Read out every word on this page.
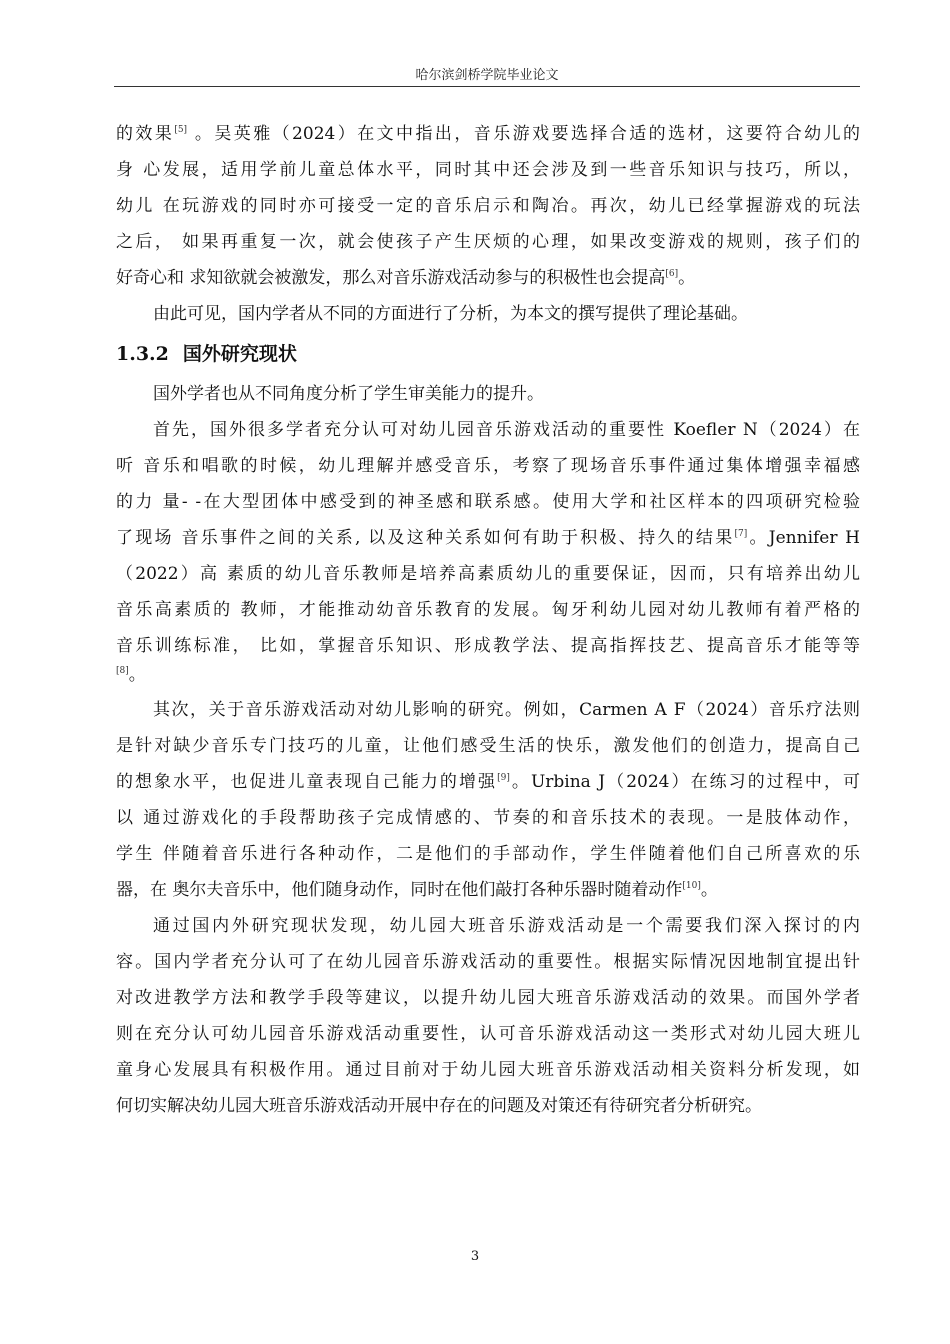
哈尔滨剑桥学院毕业论文
的效果[5] 。吴英雅（2024）在文中指出，音乐游戏要选择合适的选材，这要符合幼儿的
身 心发展，适用学前儿童总体水平，同时其中还会涉及到一些音乐知识与技巧，所以，
幼儿 在玩游戏的同时亦可接受一定的音乐启示和陶冶。再次，幼儿已经掌握游戏的玩法
之后， 如果再重复一次，就会使孩子产生厌烦的心理，如果改变游戏的规则，孩子们的
好奇心和 求知欲就会被激发，那么对音乐游戏活动参与的积极性也会提高[6]。
由此可见，国内学者从不同的方面进行了分析，为本文的撰写提供了理论基础。
1.3.2 国外研究现状
国外学者也从不同角度分析了学生审美能力的提升。
首先，国外很多学者充分认可对幼儿园音乐游戏活动的重要性 Koefler N（2024）在
听 音乐和唱歌的时候，幼儿理解并感受音乐，考察了现场音乐事件通过集体增强幸福感
的力 量- -在大型团体中感受到的神圣感和联系感。使用大学和社区样本的四项研究检验
了现场 音乐事件之间的关系, 以及这种关系如何有助于积极、持久的结果[7]。Jennifer H
（2022）高 素质的幼儿音乐教师是培养高素质幼儿的重要保证，因而，只有培养出幼儿
音乐高素质的 教师，才能推动幼音乐教育的发展。匈牙利幼儿园对幼儿教师有着严格的
音乐训练标准， 比如，掌握音乐知识、形成教学法、提高指挥技艺、提高音乐才能等等
[8]。
其次，关于音乐游戏活动对幼儿影响的研究。例如，Carmen A F（2024）音乐疗法则
是针对缺少音乐专门技巧的儿童，让他们感受生活的快乐，激发他们的创造力，提高自己
的想象水平，也促进儿童表现自己能力的增强[9]。Urbina J（2024）在练习的过程中，可
以 通过游戏化的手段帮助孩子完成情感的、节奏的和音乐技术的表现。一是肢体动作，
学生 伴随着音乐进行各种动作，二是他们的手部动作，学生伴随着他们自己所喜欢的乐
器，在 奥尔夫音乐中，他们随身动作，同时在他们敲打各种乐器时随着动作[10]。
通过国内外研究现状发现，幼儿园大班音乐游戏活动是一个需要我们深入探讨的内
容。国内学者充分认可了在幼儿园音乐游戏活动的重要性。根据实际情况因地制宜提出针
对改进教学方法和教学手段等建议，以提升幼儿园大班音乐游戏活动的效果。而国外学者
则在充分认可幼儿园音乐游戏活动重要性，认可音乐游戏活动这一类形式对幼儿园大班儿
童身心发展具有积极作用。通过目前对于幼儿园大班音乐游戏活动相关资料分析发现，如
何切实解决幼儿园大班音乐游戏活动开展中存在的问题及对策还有待研究者分析研究。
3
